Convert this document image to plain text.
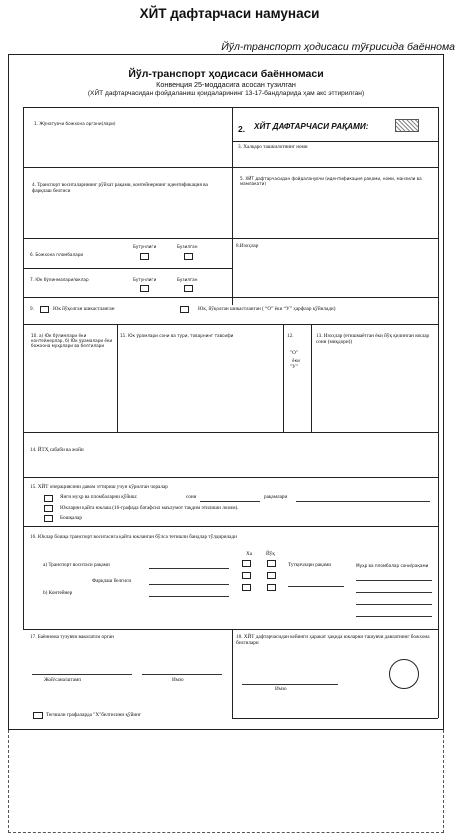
ХЙТ дафтарчаси намунаси
Йўл-транспорт ҳодисаси тўғрисида баённома
Йўл-транспорт ҳодисаси баённомаси
Конвенция 25-моддасига асосан тузилган
(ХЙТ дафтарчасидан фойдаланиш қоидаларининг 13-17-бандларида ҳам акс эттирилган)
1. Жўнатувчи божхона органи(лари)
2. ХЙТ ДАФТАРЧАСИ РАҚАМИ:
3. Халқаро ташкилотнинг номи
4. Транспорт воситаларининг рўйхат рақами, контейнернинг идентификация ва фарқлаш белгиси
5. ХЙТ дафтарчасидан фойдаланувчи (идентификация рақами, номи, манзили ва мамлакати)
6. Божхона пломбалари
Бутунлиги	Бузилган	8.Изоҳлар
7. Юк бўлинмалари/юклар	Бутунлиги	Бузилган
9.	Юк йўқолган шикастланган	Юк, йўқолган шикастланган ( “О” ёки “У” ҳарфлар қўйилади)
10. а) Юк бўлимлари ёки контейнерлар, б) Юк ўрамалари ёки божхона муҳрлари ва белгилари
11. Юк ўрамлари сони ва тури, товарнинг тавсифи	12.
"О"
ёки
"У"
13. Изоҳлар (етишмаётган ёки йўқ қилинган юклар сони (миқдори))
14. ЙТҲ сабаби ва жойи
15. ХЙТ операциясини давом эттириш учун кўрилган чоралар
Янги муҳр ва пломбаларни қўйиш:	сони	рақамлари
Юкларни қайта юклаш (16-графада батафсил маълумот тақдим этилиши лозим).
Бошқалар
16. Юклар бошқа транспорт воситасига қайта юкланган бўлса тегишли бандлар тўлдирилади
Ха	Йўқ
а) Транспорт воситаси рақами
Фарқлаш белгиси
b) Контейнер
Тутқичлари рақами	Муҳр ва пломбалар сони/рақами
17. Баённома тузувчи ваколатли орган
Жой/сана/штамп	Имзо
18. ХЙТ дафтарчасидан кейинги ҳаракат ҳақида юкларни ташувчи давлатнинг божхона белгилари
Имзо
Тегишли графаларда "Х"белгисини қўйинг
